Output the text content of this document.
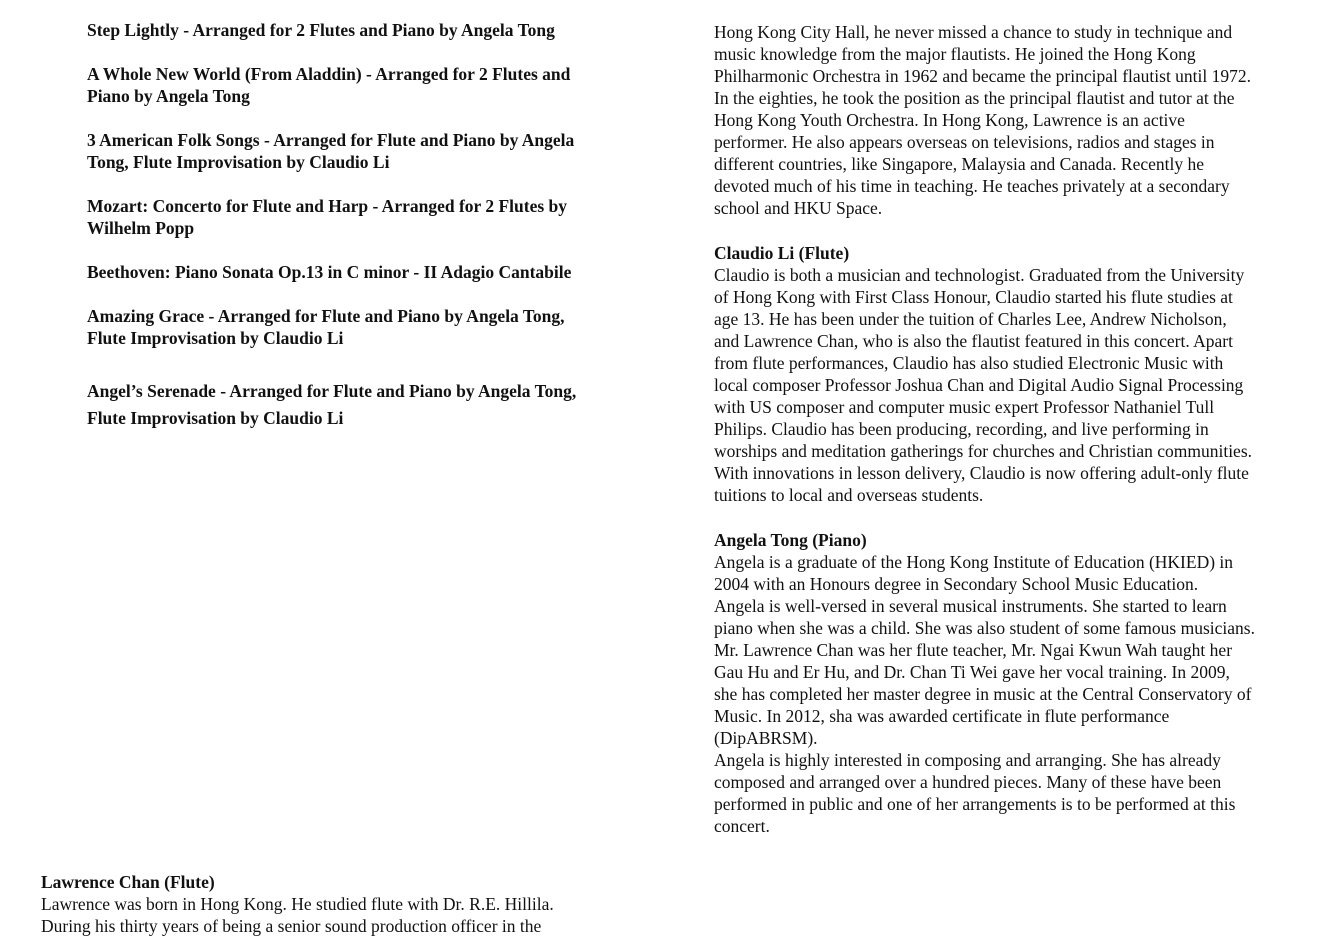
Step Lightly - Arranged for 2 Flutes and Piano by Angela Tong
A Whole New World (From Aladdin) - Arranged for 2 Flutes and
Piano by Angela Tong
3 American Folk Songs - Arranged for Flute and Piano by Angela
Tong, Flute Improvisation by Claudio Li
Mozart: Concerto for Flute and Harp - Arranged for 2 Flutes by
Wilhelm Popp
Beethoven: Piano Sonata Op.13 in C minor - II Adagio Cantabile
Amazing Grace - Arranged for Flute and Piano by Angela Tong,
Flute Improvisation by Claudio Li
Angel’s Serenade - Arranged for Flute and Piano by Angela Tong,
Flute Improvisation by Claudio Li
Lawrence Chan (Flute)
Lawrence was born in Hong Kong. He studied flute with Dr. R.E. Hillila.
During his thirty years of being a senior sound production officer in the
Hong Kong City Hall, he never missed a chance to study in technique and
music knowledge from the major flautists. He joined the Hong Kong
Philharmonic Orchestra in 1962 and became the principal flautist until 1972.
In the eighties, he took the position as the principal flautist and tutor at the
Hong Kong Youth Orchestra. In Hong Kong, Lawrence is an active
performer. He also appears overseas on televisions, radios and stages in
different countries, like Singapore, Malaysia and Canada. Recently he
devoted much of his time in teaching. He teaches privately at a secondary
school and HKU Space.
Claudio Li (Flute)
Claudio is both a musician and technologist. Graduated from the University
of Hong Kong with First Class Honour, Claudio started his flute studies at
age 13. He has been under the tuition of Charles Lee, Andrew Nicholson,
and Lawrence Chan, who is also the flautist featured in this concert. Apart
from flute performances, Claudio has also studied Electronic Music with
local composer Professor Joshua Chan and Digital Audio Signal Processing
with US composer and computer music expert Professor Nathaniel Tull
Philips. Claudio has been producing, recording, and live performing in
worships and meditation gatherings for churches and Christian communities.
With innovations in lesson delivery, Claudio is now offering adult-only flute
tuitions to local and overseas students.
Angela Tong (Piano)
Angela is a graduate of the Hong Kong Institute of Education (HKIED) in
2004 with an Honours degree in Secondary School Music Education.
Angela is well-versed in several musical instruments. She started to learn
piano when she was a child. She was also student of some famous musicians.
Mr. Lawrence Chan was her flute teacher, Mr. Ngai Kwun Wah taught her
Gau Hu and Er Hu, and Dr. Chan Ti Wei gave her vocal training. In 2009,
she has completed her master degree in music at the Central Conservatory of
Music. In 2012, sha was awarded certificate in flute performance
(DipABRSM).
Angela is highly interested in composing and arranging. She has already
composed and arranged over a hundred pieces. Many of these have been
performed in public and one of her arrangements is to be performed at this
concert.
